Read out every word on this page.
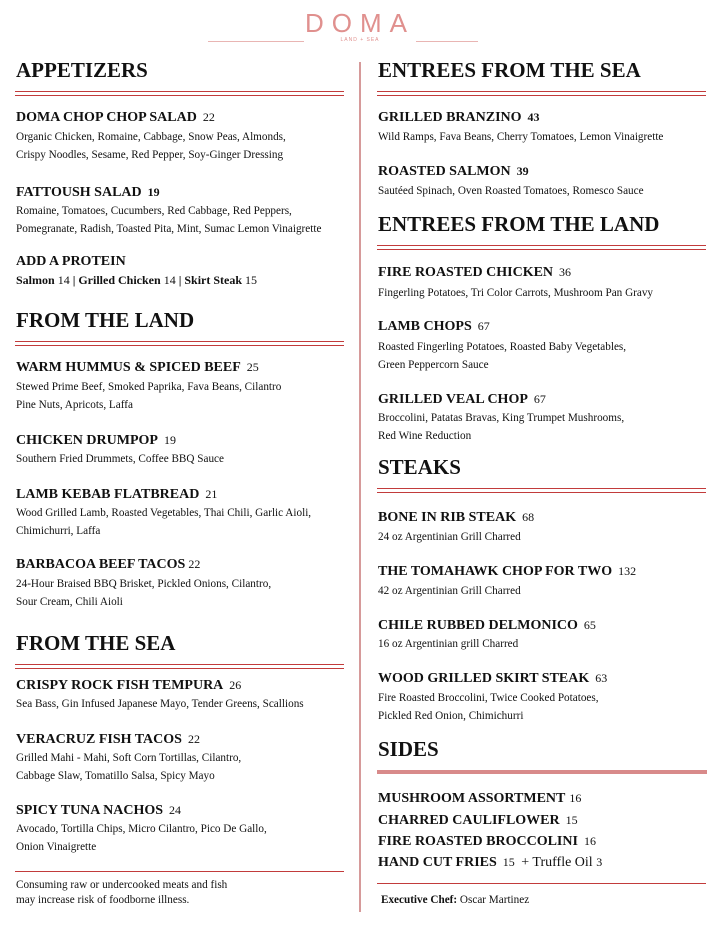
DOMA
LAND + SEA
APPETIZERS
DOMA CHOP CHOP SALAD 22
Organic Chicken, Romaine, Cabbage, Snow Peas, Almonds,
Crispy Noodles, Sesame, Red Pepper, Soy-Ginger Dressing
FATTOUSH SALAD 19
Romaine, Tomatoes, Cucumbers, Red Cabbage, Red Peppers,
Pomegranate, Radish, Toasted Pita, Mint, Sumac Lemon Vinaigrette
ADD A PROTEIN
Salmon 14 | Grilled Chicken 14 | Skirt Steak 15
FROM THE LAND
WARM HUMMUS & SPICED BEEF 25
Stewed Prime Beef, Smoked Paprika, Fava Beans, Cilantro
Pine Nuts, Apricots, Laffa
CHICKEN DRUMPOP 19
Southern Fried Drummets, Coffee BBQ Sauce
LAMB KEBAB FLATBREAD 21
Wood Grilled Lamb, Roasted Vegetables, Thai Chili, Garlic Aioli,
Chimichurri, Laffa
BARBACOA BEEF TACOS 22
24-Hour Braised BBQ Brisket, Pickled Onions, Cilantro,
Sour Cream, Chili Aioli
FROM THE SEA
CRISPY ROCK FISH TEMPURA 26
Sea Bass, Gin Infused Japanese Mayo, Tender Greens, Scallions
VERACRUZ FISH TACOS 22
Grilled Mahi - Mahi, Soft Corn Tortillas, Cilantro,
Cabbage Slaw, Tomatillo Salsa, Spicy Mayo
SPICY TUNA NACHOS 24
Avocado, Tortilla Chips, Micro Cilantro, Pico De Gallo,
Onion Vinaigrette
Consuming raw or undercooked meats and fish
may increase risk of foodborne illness.
ENTREES FROM THE SEA
GRILLED BRANZINO 43
Wild Ramps, Fava Beans, Cherry Tomatoes, Lemon Vinaigrette
ROASTED SALMON 39
Sautéed Spinach, Oven Roasted Tomatoes, Romesco Sauce
ENTREES FROM THE LAND
FIRE ROASTED CHICKEN 36
Fingerling Potatoes, Tri Color Carrots, Mushroom Pan Gravy
LAMB CHOPS 67
Roasted Fingerling Potatoes, Roasted Baby Vegetables,
Green Peppercorn Sauce
GRILLED VEAL CHOP 67
Broccolini, Patatas Bravas, King Trumpet Mushrooms,
Red Wine Reduction
STEAKS
BONE IN RIB STEAK 68
24 oz Argentinian Grill Charred
THE TOMAHAWK CHOP FOR TWO 132
42 oz Argentinian Grill Charred
CHILE RUBBED DELMONICO 65
16 oz Argentinian grill Charred
WOOD GRILLED SKIRT STEAK 63
Fire Roasted Broccolini, Twice Cooked Potatoes,
Pickled Red Onion, Chimichurri
SIDES
MUSHROOM ASSORTMENT 16
CHARRED CAULIFLOWER 15
FIRE ROASTED BROCCOLINI 16
HAND CUT FRIES 15 + Truffle Oil 3
Executive Chef: Oscar Martinez
